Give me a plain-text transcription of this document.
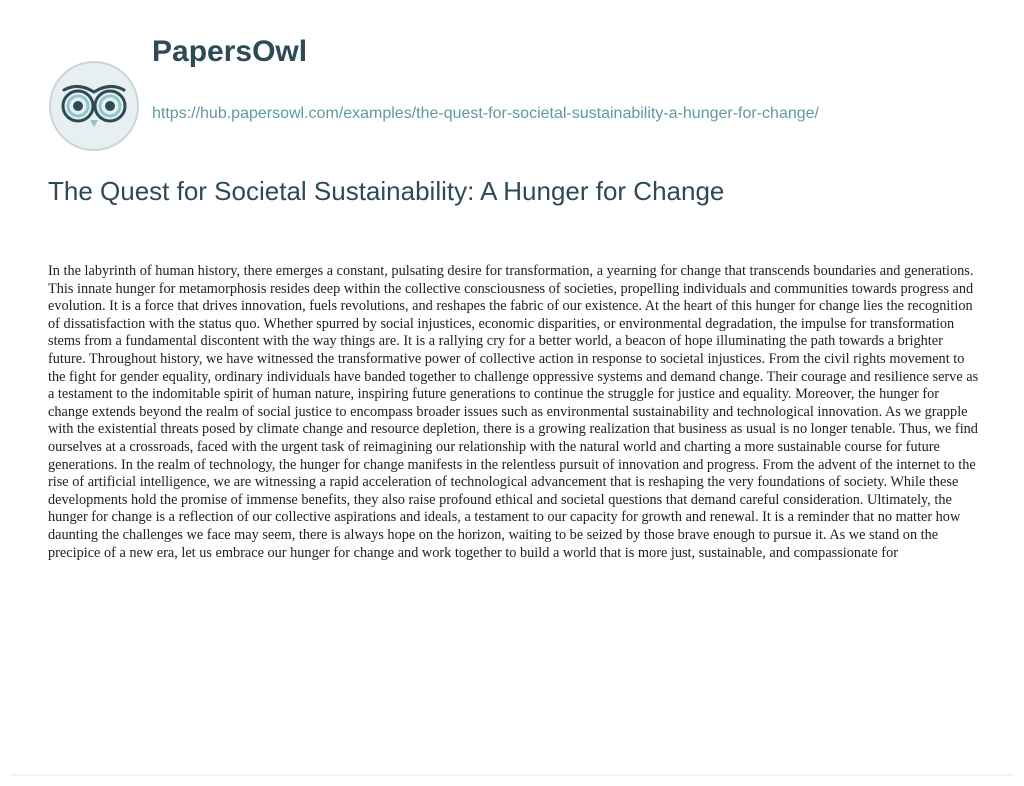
PapersOwl

https://hub.papersowl.com/examples/the-quest-for-societal-sustainability-a-hunger-for-change/

The Quest for Societal Sustainability: A Hunger for Change

In the labyrinth of human history, there emerges a constant, pulsating desire for transformation, a yearning for change that transcends boundaries and generations. This innate hunger for metamorphosis resides deep within the collective consciousness of societies, propelling individuals and communities towards progress and evolution. It is a force that drives innovation, fuels revolutions, and reshapes the fabric of our existence. At the heart of this hunger for change lies the recognition of dissatisfaction with the status quo. Whether spurred by social injustices, economic disparities, or environmental degradation, the impulse for transformation stems from a fundamental discontent with the way things are. It is a rallying cry for a better world, a beacon of hope illuminating the path towards a brighter future. Throughout history, we have witnessed the transformative power of collective action in response to societal injustices. From the civil rights movement to the fight for gender equality, ordinary individuals have banded together to challenge oppressive systems and demand change. Their courage and resilience serve as a testament to the indomitable spirit of human nature, inspiring future generations to continue the struggle for justice and equality. Moreover, the hunger for change extends beyond the realm of social justice to encompass broader issues such as environmental sustainability and technological innovation. As we grapple with the existential threats posed by climate change and resource depletion, there is a growing realization that business as usual is no longer tenable. Thus, we find ourselves at a crossroads, faced with the urgent task of reimagining our relationship with the natural world and charting a more sustainable course for future generations. In the realm of technology, the hunger for change manifests in the relentless pursuit of innovation and progress. From the advent of the internet to the rise of artificial intelligence, we are witnessing a rapid acceleration of technological advancement that is reshaping the very foundations of society. While these developments hold the promise of immense benefits, they also raise profound ethical and societal questions that demand careful consideration. Ultimately, the hunger for change is a reflection of our collective aspirations and ideals, a testament to our capacity for growth and renewal. It is a reminder that no matter how daunting the challenges we face may seem, there is always hope on the horizon, waiting to be seized by those brave enough to pursue it. As we stand on the precipice of a new era, let us embrace our hunger for change and work together to build a world that is more just, sustainable, and compassionate for
